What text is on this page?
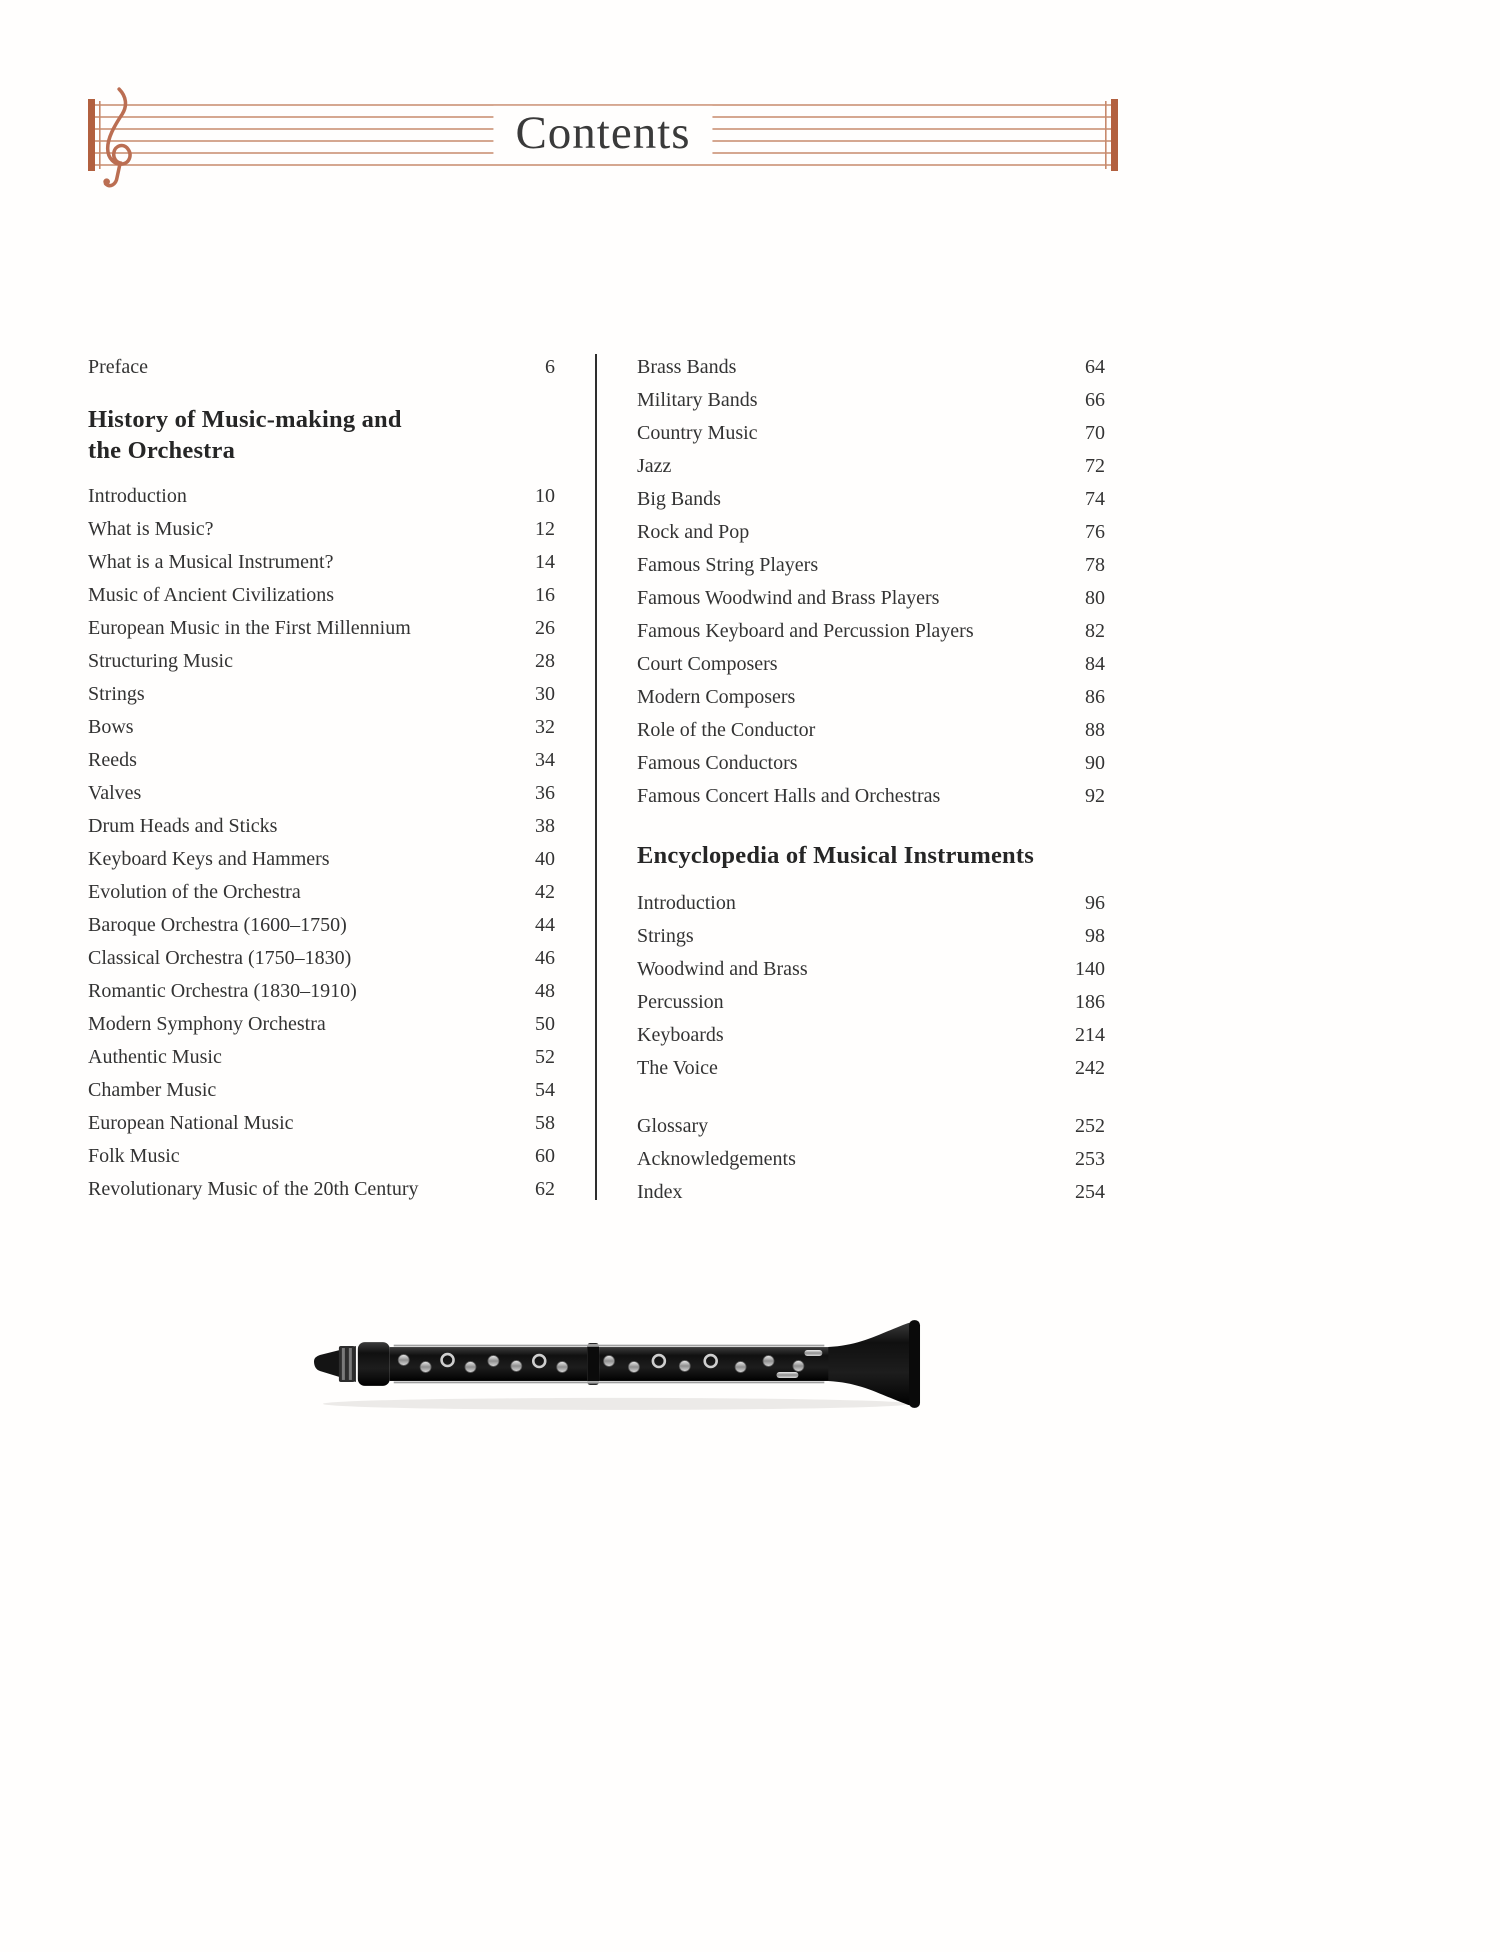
Contents
Preface	6
History of Music-making and the Orchestra
Introduction	10
What is Music?	12
What is a Musical Instrument?	14
Music of Ancient Civilizations	16
European Music in the First Millennium	26
Structuring Music	28
Strings	30
Bows	32
Reeds	34
Valves	36
Drum Heads and Sticks	38
Keyboard Keys and Hammers	40
Evolution of the Orchestra	42
Baroque Orchestra (1600–1750)	44
Classical Orchestra (1750–1830)	46
Romantic Orchestra (1830–1910)	48
Modern Symphony Orchestra	50
Authentic Music	52
Chamber Music	54
European National Music	58
Folk Music	60
Revolutionary Music of the 20th Century	62
Brass Bands	64
Military Bands	66
Country Music	70
Jazz	72
Big Bands	74
Rock and Pop	76
Famous String Players	78
Famous Woodwind and Brass Players	80
Famous Keyboard and Percussion Players	82
Court Composers	84
Modern Composers	86
Role of the Conductor	88
Famous Conductors	90
Famous Concert Halls and Orchestras	92
Encyclopedia of Musical Instruments
Introduction	96
Strings	98
Woodwind and Brass	140
Percussion	186
Keyboards	214
The Voice	242
Glossary	252
Acknowledgements	253
Index	254
